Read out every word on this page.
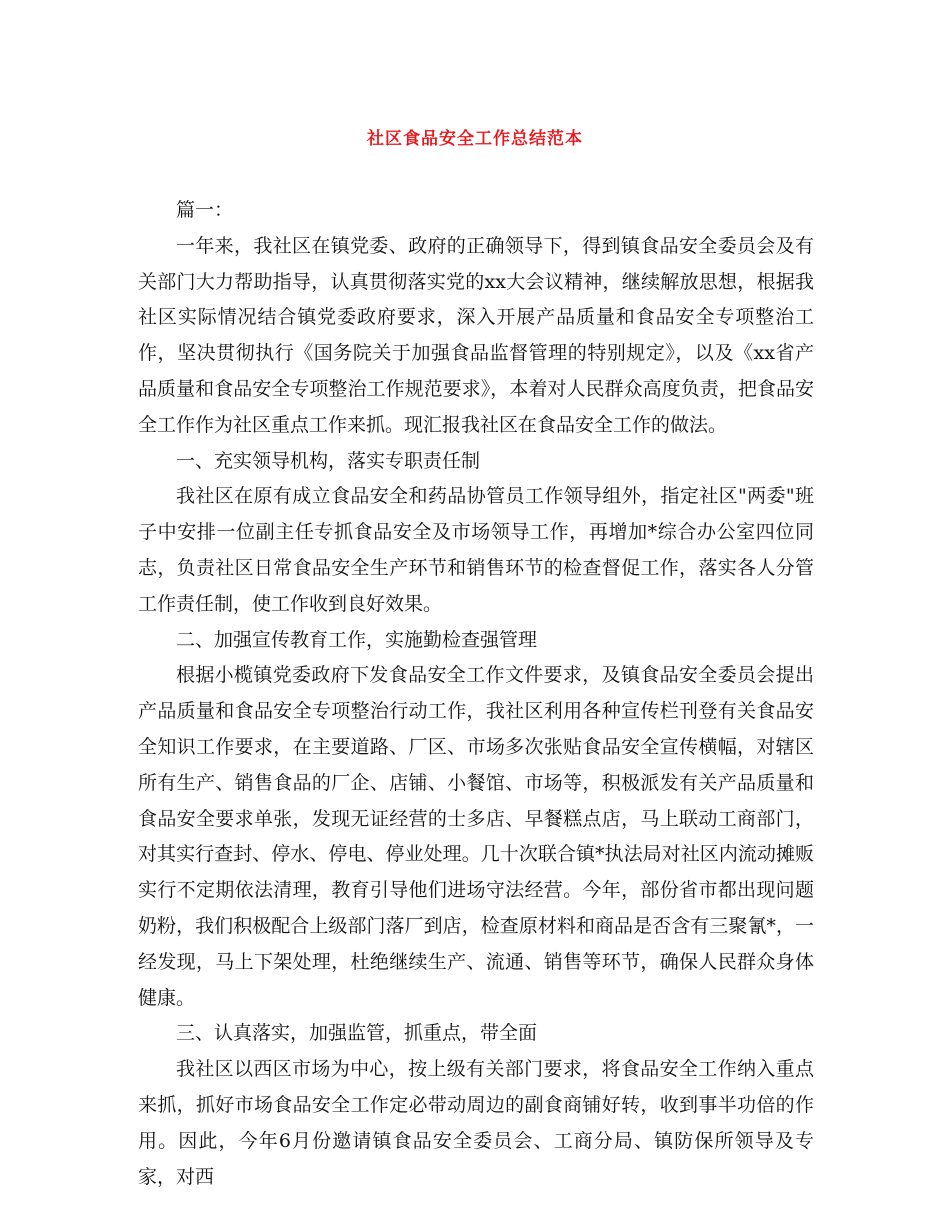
社区食品安全工作总结范本

篇一：

一年来，我社区在镇党委、政府的正确领导下，得到镇食品安全委员会及有关部门大力帮助指导，认真贯彻落实党的xx大会议精神，继续解放思想，根据我社区实际情况结合镇党委政府要求，深入开展产品质量和食品安全专项整治工作，坚决贯彻执行《国务院关于加强食品监督管理的特别规定》，以及《xx省产品质量和食品安全专项整治工作规范要求》，本着对人民群众高度负责，把食品安全工作作为社区重点工作来抓。现汇报我社区在食品安全工作的做法。

一、充实领导机构，落实专职责任制

我社区在原有成立食品安全和药品协管员工作领导组外，指定社区"两委"班子中安排一位副主任专抓食品安全及市场领导工作，再增加*综合办公室四位同志，负责社区日常食品安全生产环节和销售环节的检查督促工作，落实各人分管工作责任制，使工作收到良好效果。

二、加强宣传教育工作，实施勤检查强管理

根据小榄镇党委政府下发食品安全工作文件要求，及镇食品安全委员会提出产品质量和食品安全专项整治行动工作，我社区利用各种宣传栏刊登有关食品安全知识工作要求，在主要道路、厂区、市场多次张贴食品安全宣传横幅，对辖区所有生产、销售食品的厂企、店铺、小餐馆、市场等，积极派发有关产品质量和食品安全要求单张，发现无证经营的士多店、早餐糕点店，马上联动工商部门，对其实行查封、停水、停电、停业处理。几十次联合镇*执法局对社区内流动摊贩实行不定期依法清理，教育引导他们进场守法经营。今年，部份省市都出现问题奶粉，我们积极配合上级部门落厂到店，检查原材料和商品是否含有三聚氰*，一经发现，马上下架处理，杜绝继续生产、流通、销售等环节，确保人民群众身体健康。

三、认真落实，加强监管，抓重点，带全面

我社区以西区市场为中心，按上级有关部门要求，将食品安全工作纳入重点来抓，抓好市场食品安全工作定必带动周边的副食商铺好转，收到事半功倍的作用。因此，今年6月份邀请镇食品安全委员会、工商分局、镇防保所领导及专家，对西
